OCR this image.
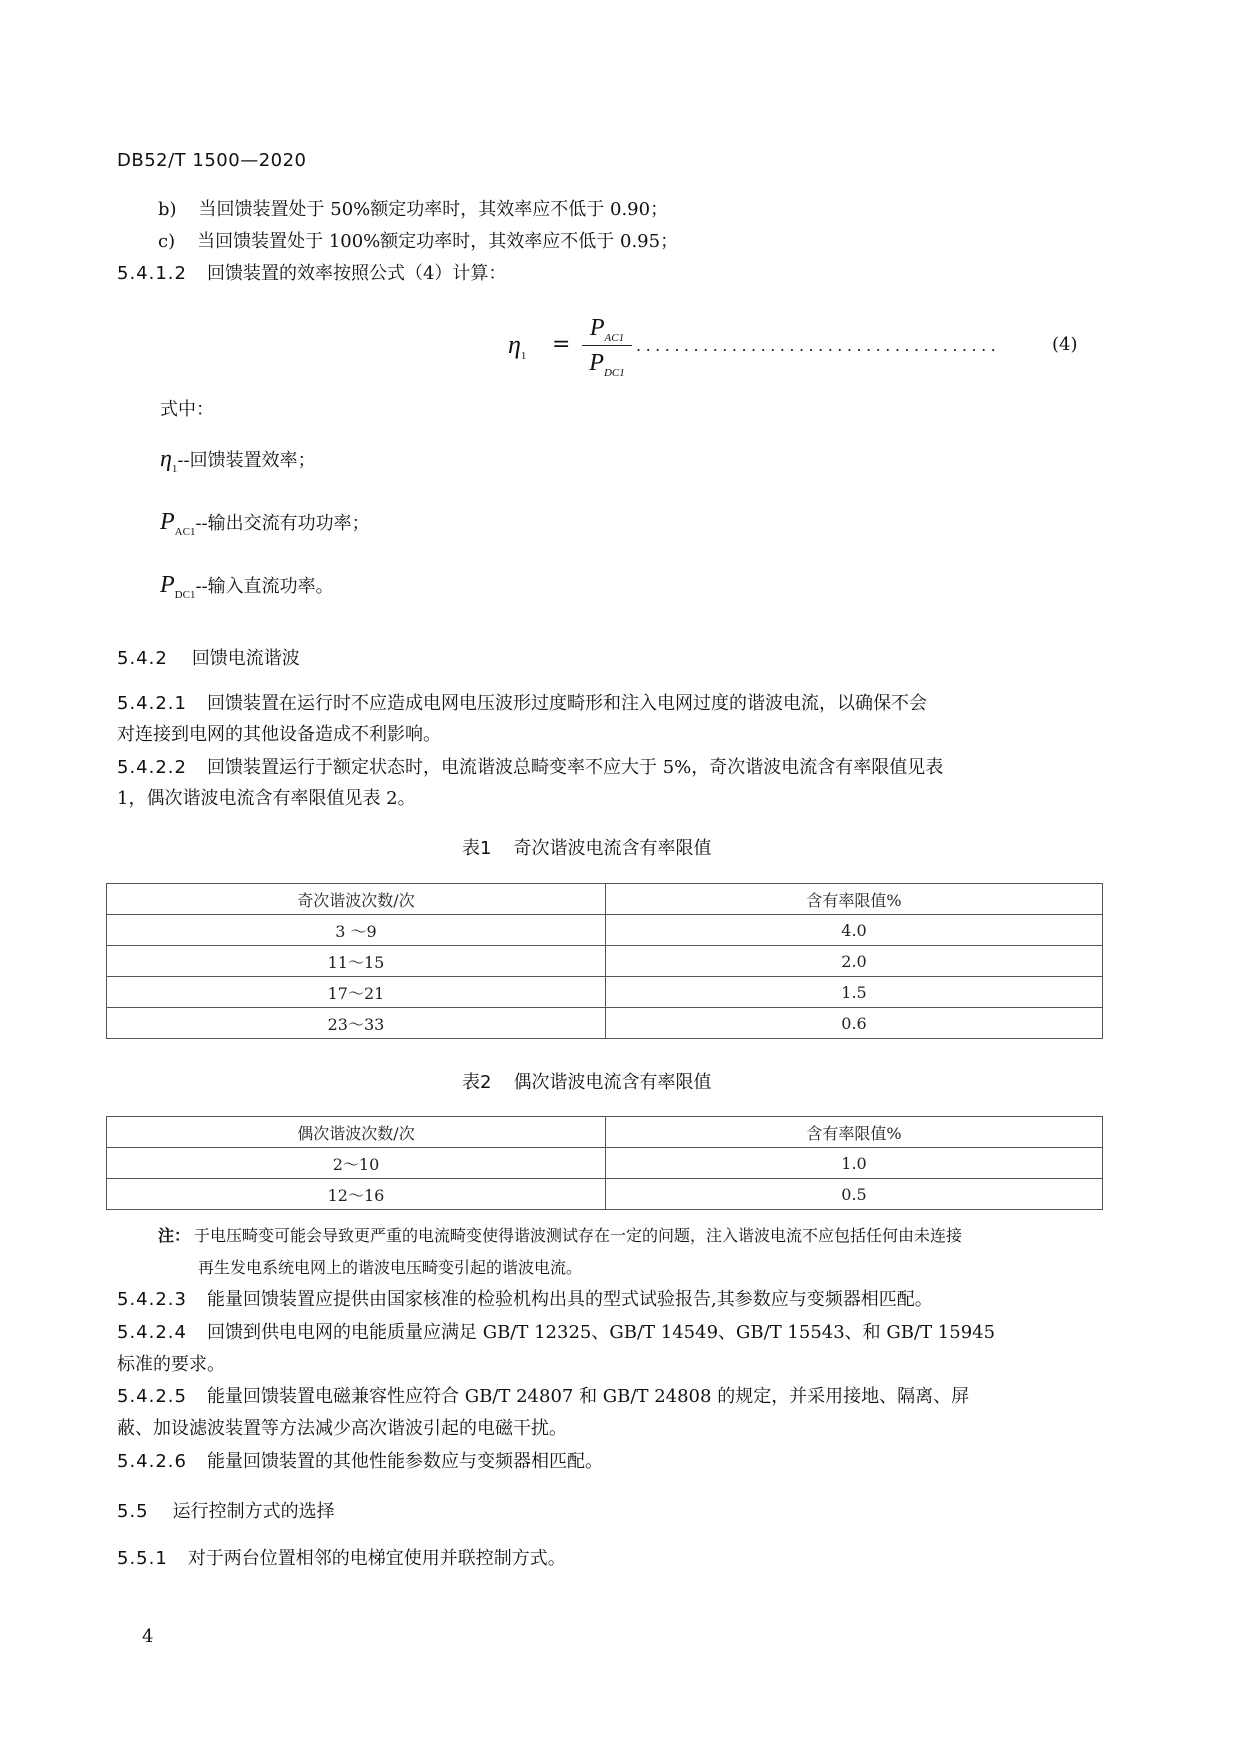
DB52/T 1500—2020
b) 当回馈装置处于 50%额定功率时，其效率应不低于 0.90；
c) 当回馈装置处于 100%额定功率时，其效率应不低于 0.95；
5.4.1.2 回馈装置的效率按照公式（4）计算：
$\eta_1$ =
$P_{AC1}$
$P_{DC1}$
......................................	(4)
式中：
$\eta_1--$回馈装置效率；
$P_{AC1}--$输出交流有功功率；
$P_{DC1}--$输入直流功率。
5.4.2 回馈电流谐波
5.4.2.1 回馈装置在运行时不应造成电网电压波形过度畸形和注入电网过度的谐波电流，以确保不会
对连接到电网的其他设备造成不利影响。
5.4.2.2 回馈装置运行于额定状态时，电流谐波总畸变率不应大于 5%，奇次谐波电流含有率限值见表
1，偶次谐波电流含有率限值见表 2。
表1 奇次谐波电流含有率限值
奇次谐波次数/次	含有率限值%
3 ～9	4.0
11～15	2.0
17～21	1.5
23～33	0.6
表2 偶次谐波电流含有率限值
偶次谐波次数/次	含有率限值%
2～10	1.0
12～16	0.5
注： 于电压畸变可能会导致更严重的电流畸变使得谐波测试存在一定的问题，注入谐波电流不应包括任何由未连接
再生发电系统电网上的谐波电压畸变引起的谐波电流。
5.4.2.3 能量回馈装置应提供由国家核准的检验机构出具的型式试验报告,其参数应与变频器相匹配。
5.4.2.4 回馈到供电电网的电能质量应满足 GB/T 12325、GB/T 14549、GB/T 15543、和 GB/T 15945
标准的要求。
5.4.2.5 能量回馈装置电磁兼容性应符合 GB/T 24807 和 GB/T 24808 的规定，并采用接地、隔离、屏
蔽、加设滤波装置等方法减少高次谐波引起的电磁干扰。
5.4.2.6 能量回馈装置的其他性能参数应与变频器相匹配。
5.5 运行控制方式的选择
5.5.1 对于两台位置相邻的电梯宜使用并联控制方式。
4
